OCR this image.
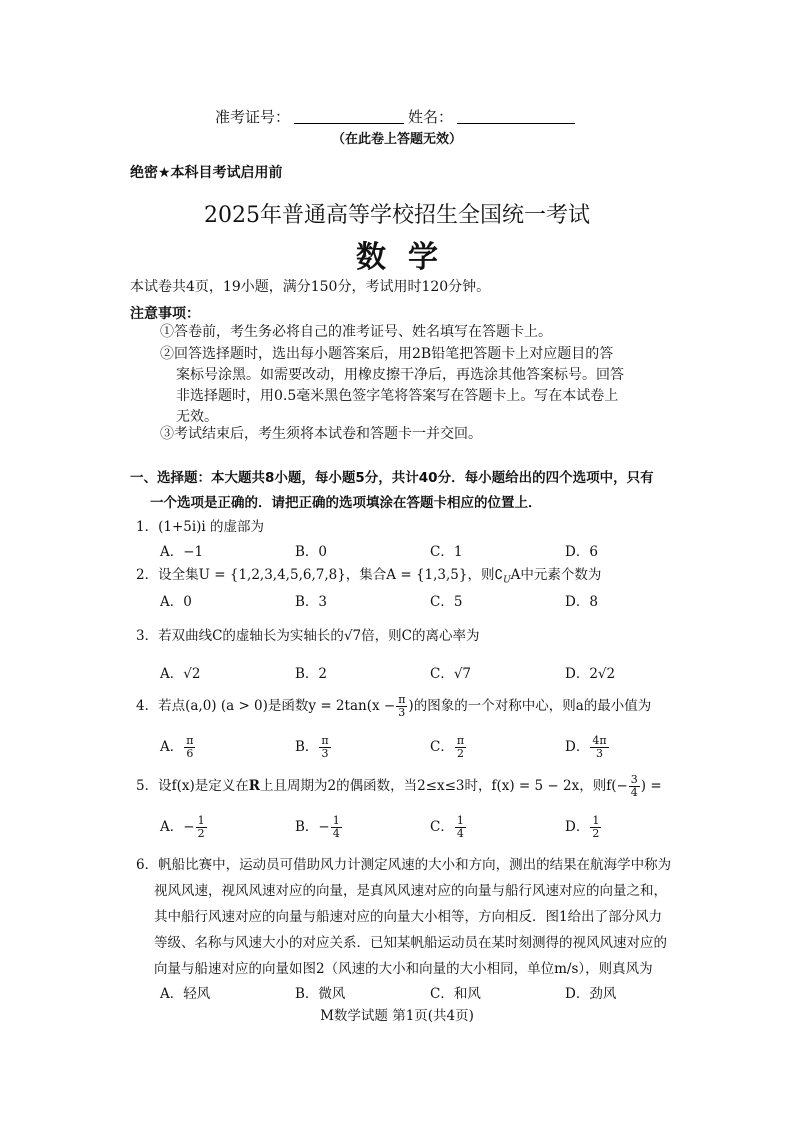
准考证号：	姓名：
（在此卷上答题无效）
绝密★本科目考试启用前
2025年普通高等学校招生全国统一考试
数学
本试卷共4页，19小题，满分150分，考试用时120分钟。
注意事项：
①答卷前，考生务必将自己的准考证号、姓名填写在答题卡上。
②回答选择题时，选出每小题答案后，用2B铅笔把答题卡上对应题目的答
案标号涂黑。如需要改动，用橡皮擦干净后，再选涂其他答案标号。回答
非选择题时，用0.5毫米黑色签字笔将答案写在答题卡上。写在本试卷上
无效。
③考试结束后，考生须将本试卷和答题卡一并交回。
一、选择题：本大题共8小题，每小题5分，共计40分．每小题给出的四个选项中，只有
一个选项是正确的．请把正确的选项填涂在答题卡相应的位置上．
1．(1+5i)i 的虚部为
A．−1	B．0	C．1	D．6
2．设全集U = {1,2,3,4,5,6,7,8}，集合A = {1,3,5}，则$∁_UA$中元素个数为
A．0	B．3	C．5	D．8
3．若双曲线C的虚轴长为实轴长的√7倍，则C的离心率为
A．√2	B．2	C．√7	D．2√2
4．若点(a,0) (a > 0)是函数$y = 2\tan(x - \frac{\pi}{3}$ )的图象的一个对称中心，则a的最小值为
A． $\frac{\pi}{6}$	B． $\frac{\pi}{3}$	C． $\frac{\pi}{2}$	D． $\frac{4\pi}{3}$
5．设f(x)是定义在R上且周期为2的偶函数，当2≤x≤3时，f(x) = 5 − 2x，则$f(- \frac{3}{4}$ ) =
A．− $\frac{1}{2}$	B．− $\frac{1}{4}$	C． $\frac{1}{4}$	D． $\frac{1}{2}$
6．帆船比赛中，运动员可借助风力计测定风速的大小和方向，测出的结果在航海学中称为
视风风速，视风风速对应的向量，是真风风速对应的向量与船行风速对应的向量之和，
其中船行风速对应的向量与船速对应的向量大小相等，方向相反．图1给出了部分风力
等级、名称与风速大小的对应关系．已知某帆船运动员在某时刻测得的视风风速对应的
向量与船速对应的向量如图2（风速的大小和向量的大小相同，单位m/s），则真风为
A．轻风	B．微风	C．和风	D．劲风
M数学试题 第1页(共4页)
